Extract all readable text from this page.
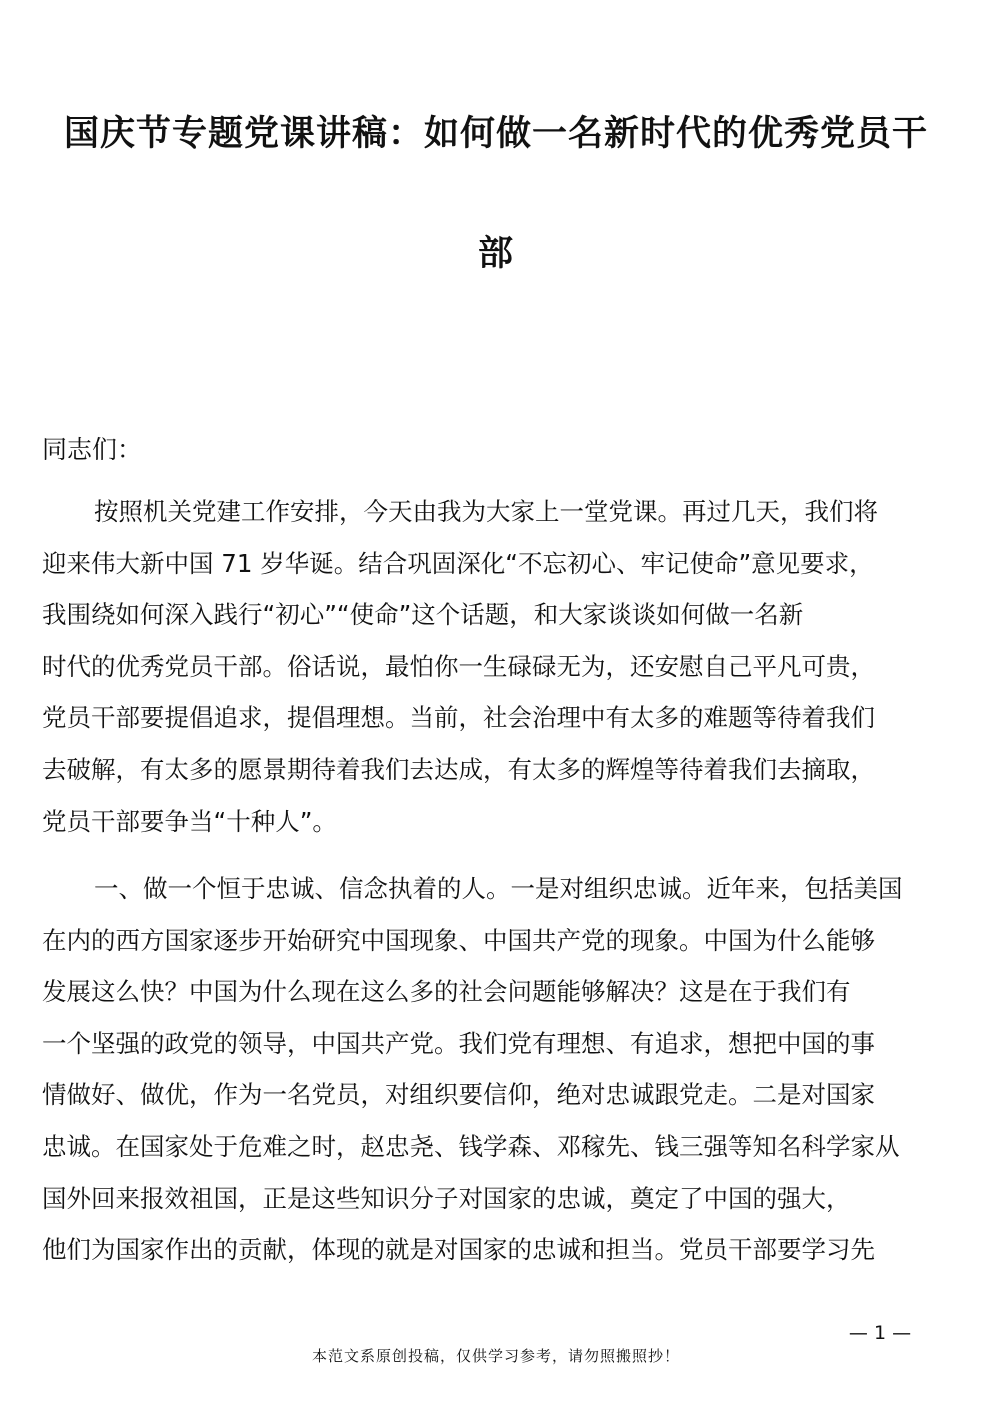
国庆节专题党课讲稿：如何做一名新时代的优秀党员干
部
同志们：
按照机关党建工作安排，今天由我为大家上一堂党课。再过几天，我们将
迎来伟大新中国 71 岁华诞。结合巩固深化“不忘初心、牢记使命”意见要求，
我围绕如何深入践行“初心”“使命”这个话题，和大家谈谈如何做一名新
时代的优秀党员干部。俗话说，最怕你一生碌碌无为，还安慰自己平凡可贵，
党员干部要提倡追求，提倡理想。当前，社会治理中有太多的难题等待着我们
去破解，有太多的愿景期待着我们去达成，有太多的辉煌等待着我们去摘取，
党员干部要争当“十种人”。
一、做一个恒于忠诚、信念执着的人。一是对组织忠诚。近年来，包括美国
在内的西方国家逐步开始研究中国现象、中国共产党的现象。中国为什么能够
发展这么快？中国为什么现在这么多的社会问题能够解决？这是在于我们有
一个坚强的政党的领导，中国共产党。我们党有理想、有追求，想把中国的事
情做好、做优，作为一名党员，对组织要信仰，绝对忠诚跟党走。二是对国家
忠诚。在国家处于危难之时，赵忠尧、钱学森、邓稼先、钱三强等知名科学家从
国外回来报效祖国，正是这些知识分子对国家的忠诚，奠定了中国的强大，
他们为国家作出的贡献，体现的就是对国家的忠诚和担当。党员干部要学习先
— 1 —
本范文系原创投稿，仅供学习参考，请勿照搬照抄！
